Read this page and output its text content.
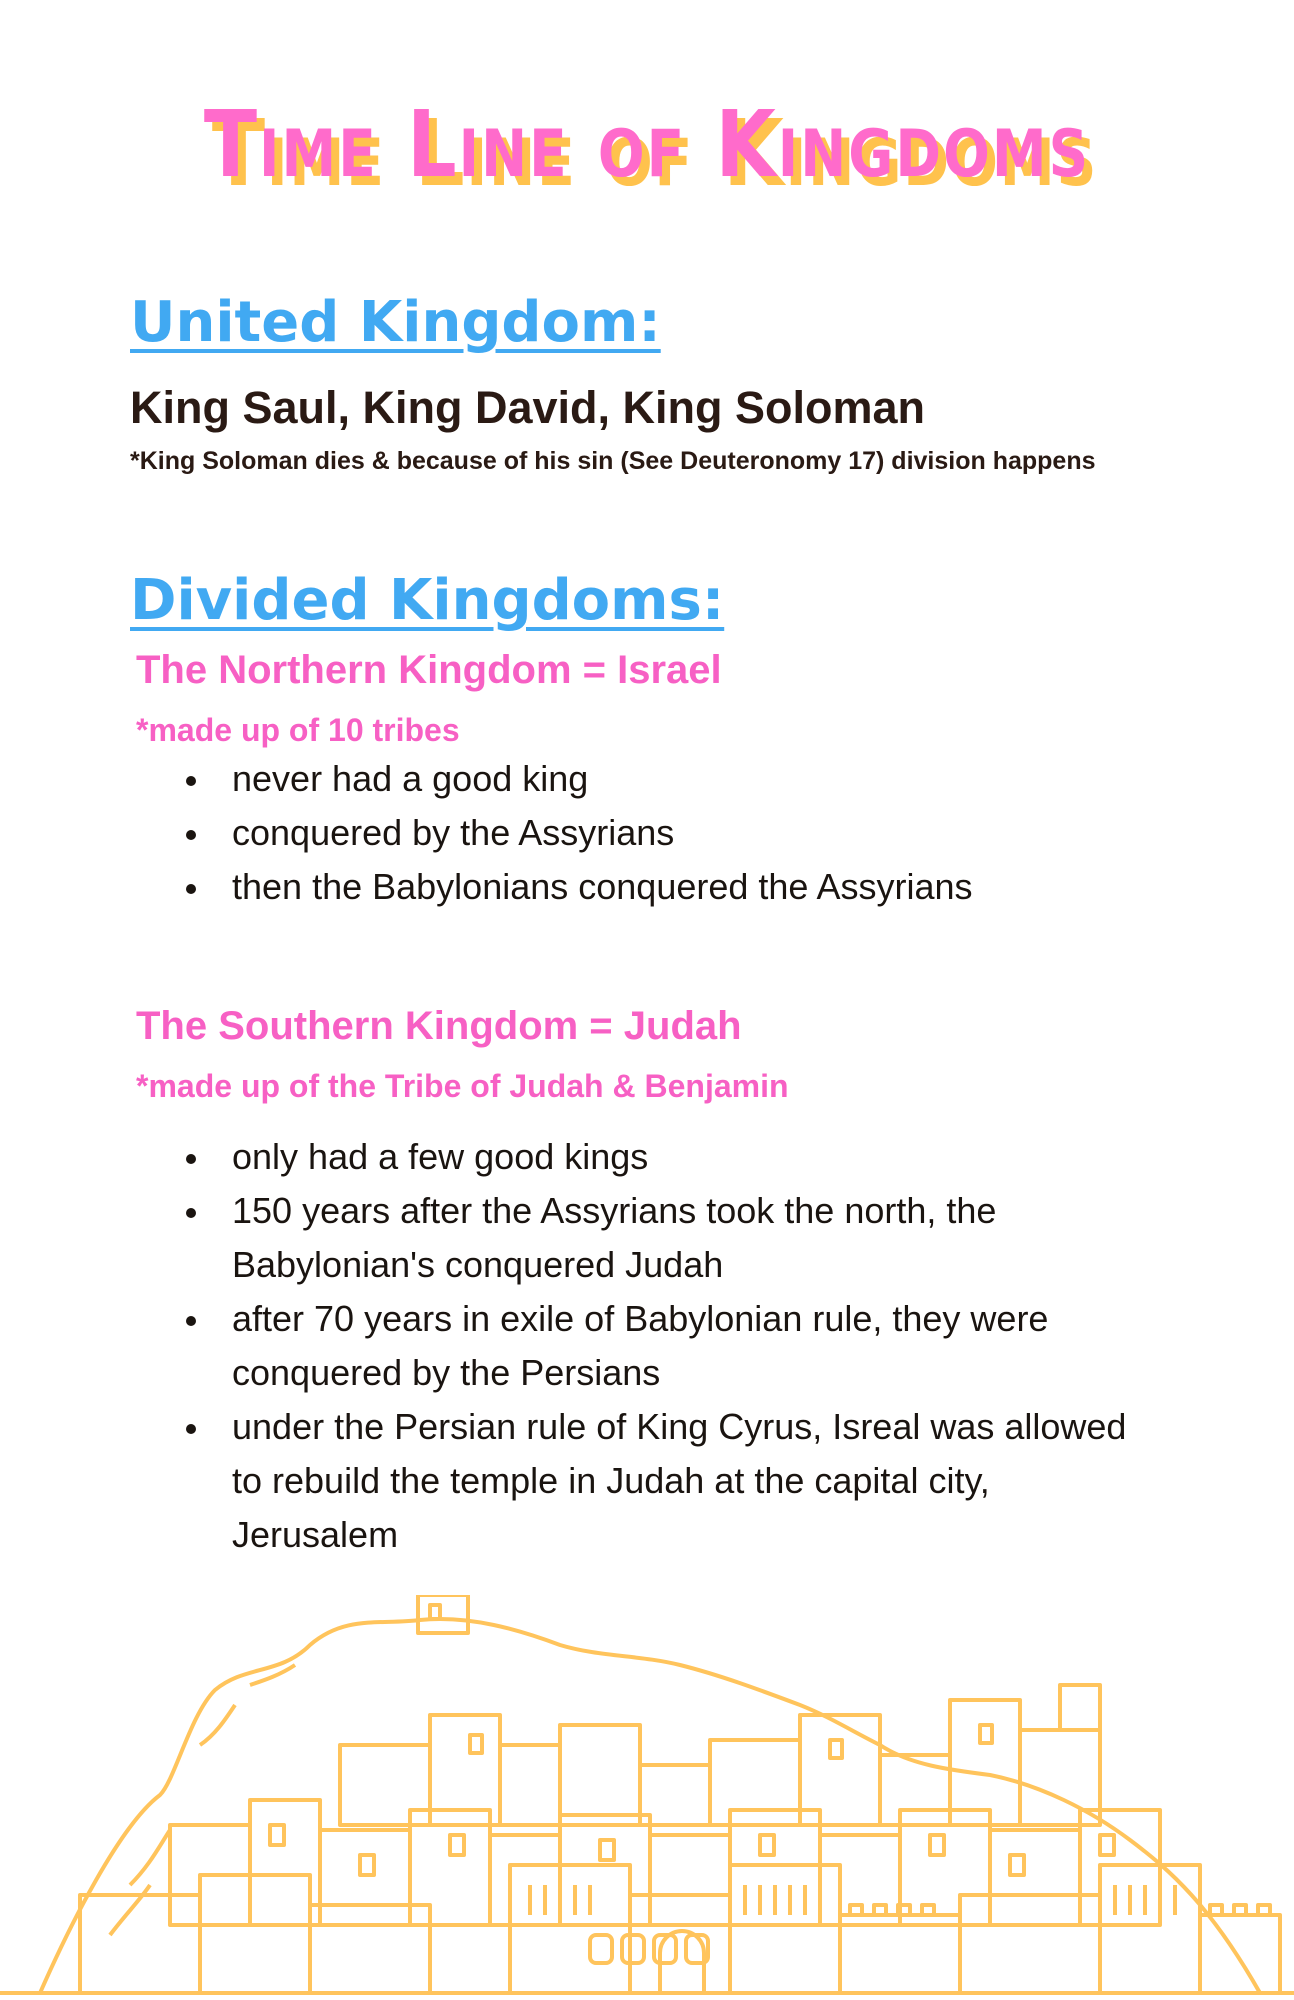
Time Line of Kingdoms
United Kingdom:
King Saul, King David, King Soloman
*King Soloman dies & because of his sin (See Deuteronomy 17) division happens
Divided Kingdoms:
The Northern Kingdom = Israel
*made up of 10 tribes
never had a good king
conquered by the Assyrians
then the Babylonians conquered the Assyrians
The Southern Kingdom = Judah
*made up of the Tribe of Judah & Benjamin
only had a few good kings
150 years after the Assyrians took the north, the Babylonian's conquered Judah
after 70 years in exile of Babylonian rule, they were conquered by the Persians
under the Persian rule of King Cyrus, Isreal was allowed to rebuild the temple in Judah at the capital city, Jerusalem
